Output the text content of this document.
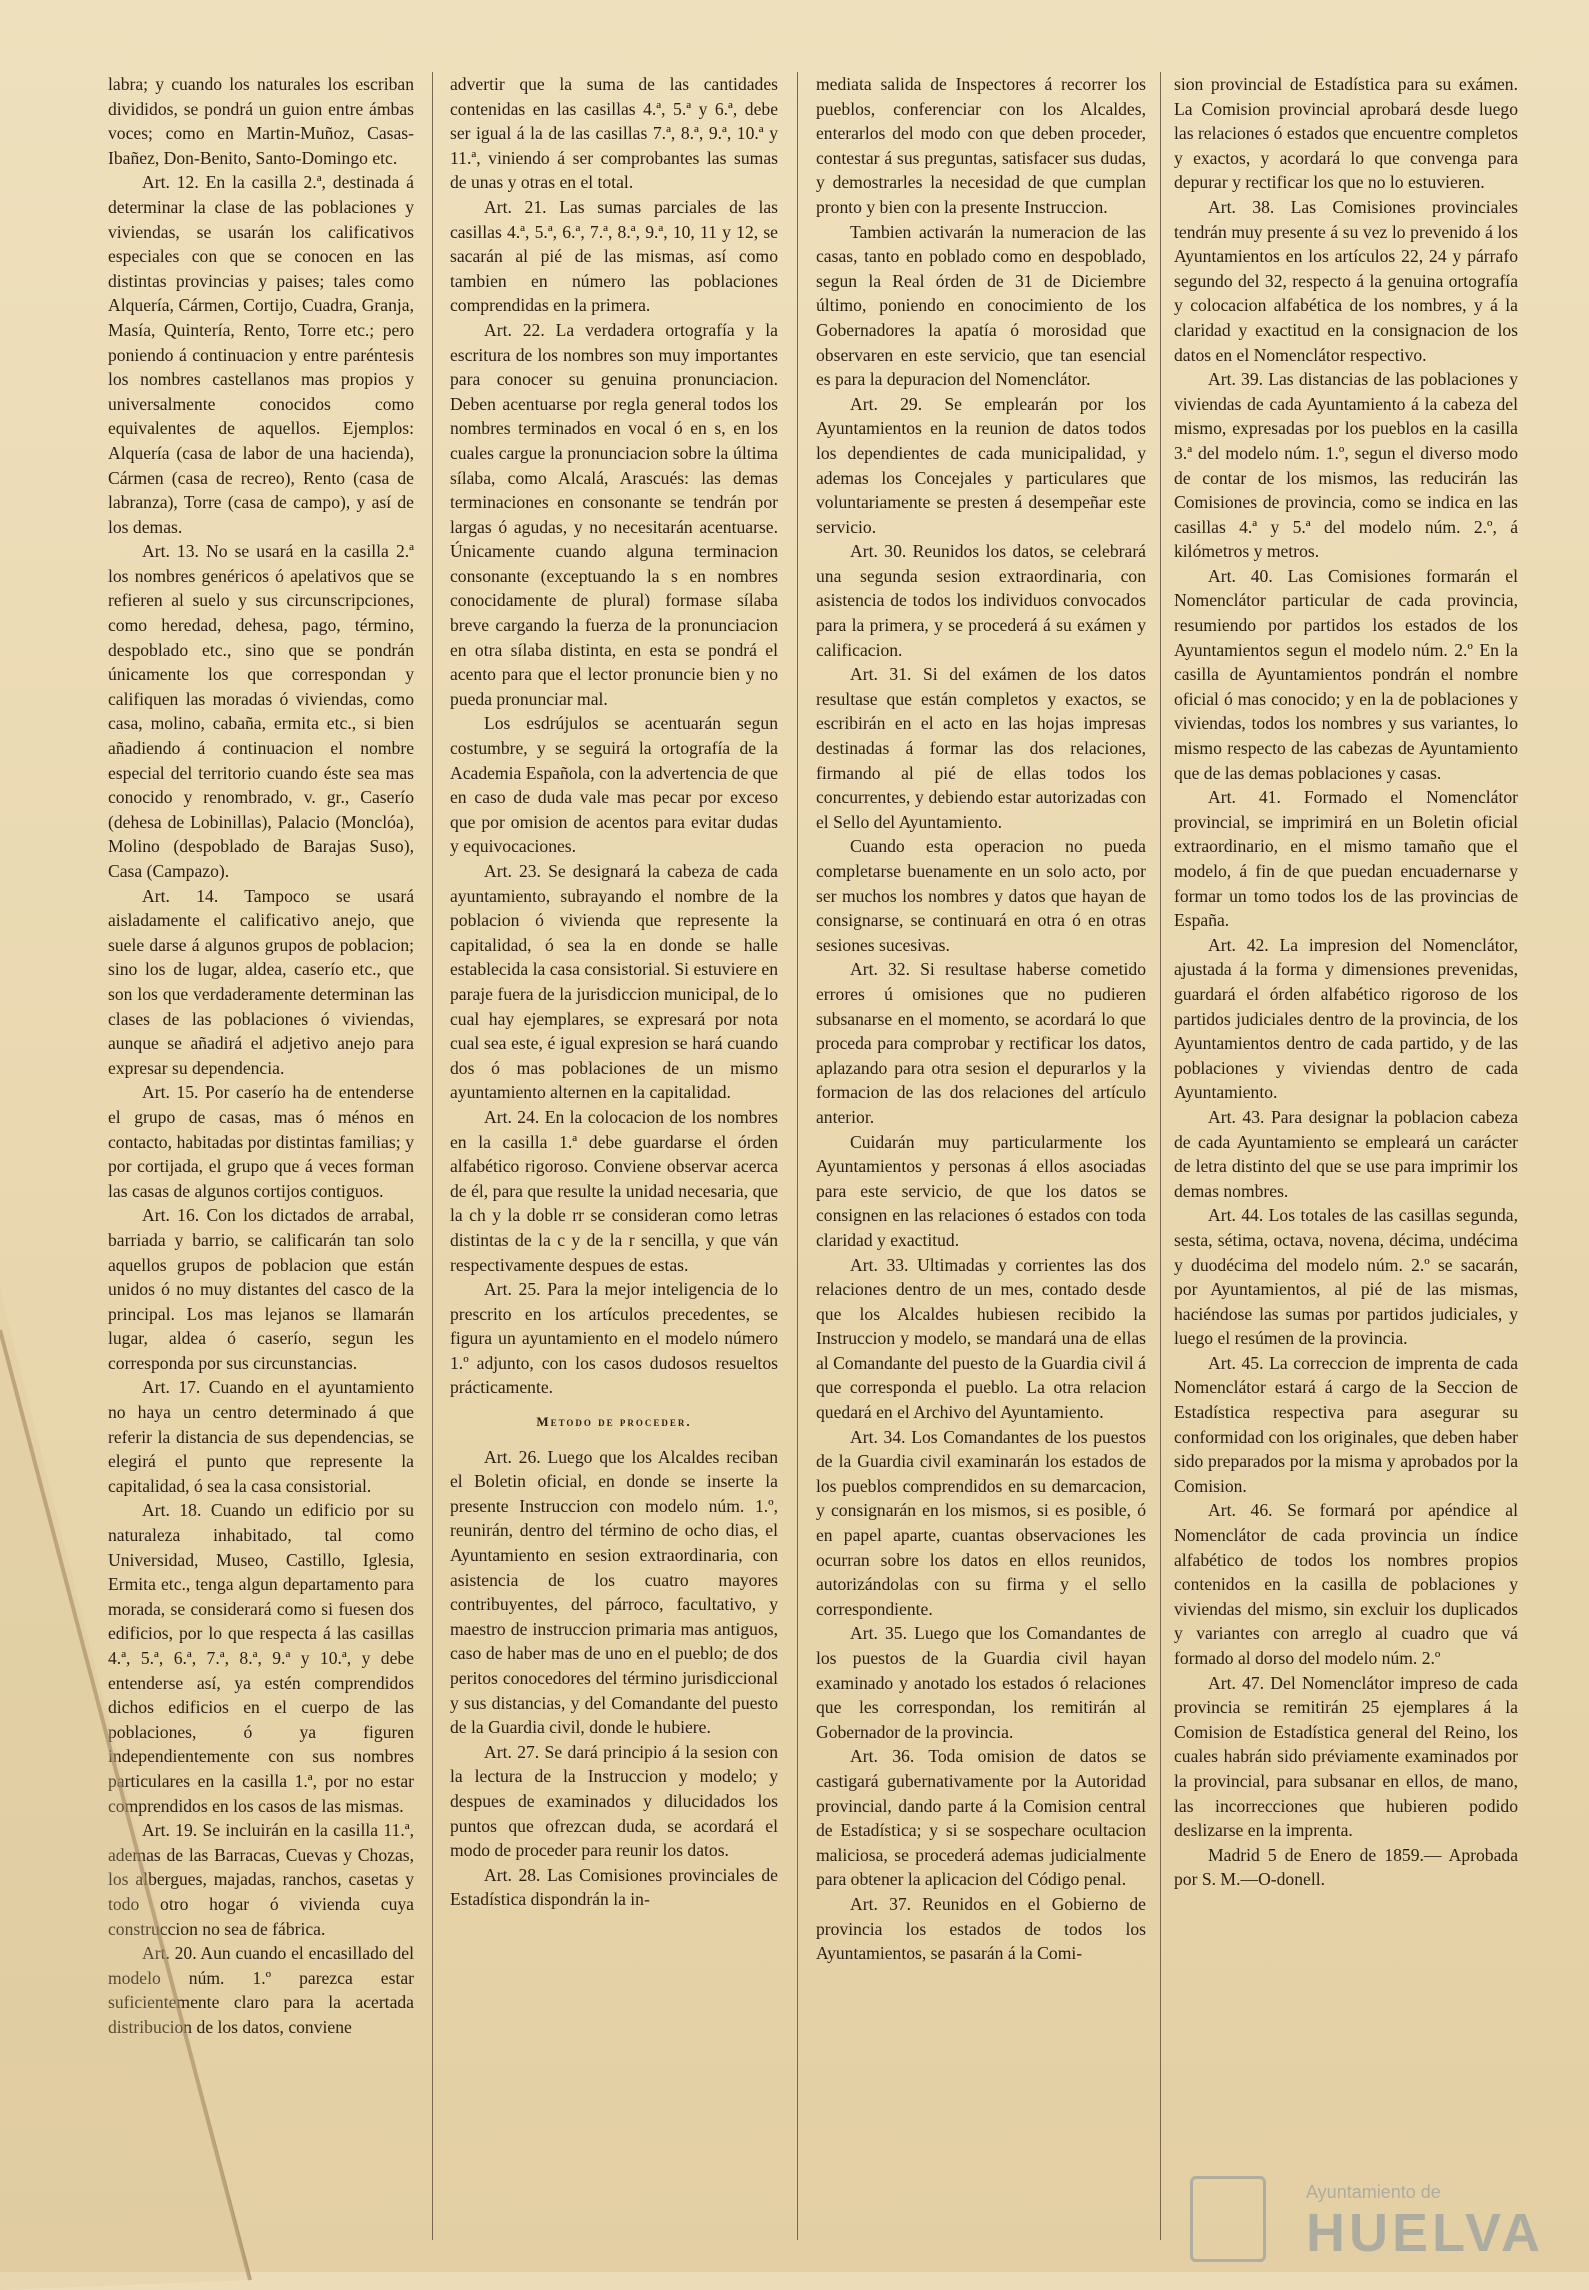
labra; y cuando los naturales los escriban divididos, se pondrá un guion entre ámbas voces; como en Martin-Muñoz, Casas-Ibañez, Don-Benito, Santo-Domingo etc.

Art. 12. En la casilla 2.ª, destinada á determinar la clase de las poblaciones y viviendas, se usarán los calificativos especiales con que se conocen en las distintas provincias y paises; tales como Alquería, Cármen, Cortijo, Cuadra, Granja, Masía, Quintería, Rento, Torre etc.; pero poniendo á continuacion y entre paréntesis los nombres castellanos mas propios y universalmente conocidos como equivalentes de aquellos. Ejemplos: Alquería (casa de labor de una hacienda), Cármen (casa de recreo), Rento (casa de labranza), Torre (casa de campo), y así de los demas.

Art. 13. No se usará en la casilla 2.ª los nombres genéricos ó apelativos que se refieren al suelo y sus circunscripciones, como heredad, dehesa, pago, término, despoblado etc., sino que se pondrán únicamente los que correspondan y califiquen las moradas ó viviendas, como casa, molino, cabaña, ermita etc., si bien añadiendo á continuacion el nombre especial del territorio cuando éste sea mas conocido y renombrado, v. gr., Caserío (dehesa de Lobinillas), Palacio (Monclóa), Molino (despoblado de Barajas Suso), Casa (Campazo).

Art. 14. Tampoco se usará aisladamente el calificativo anejo, que suele darse á algunos grupos de poblacion; sino los de lugar, aldea, caserío etc., que son los que verdaderamente determinan las clases de las poblaciones ó viviendas, aunque se añadirá el adjetivo anejo para expresar su dependencia.

Art. 15. Por caserío ha de entenderse el grupo de casas, mas ó ménos en contacto, habitadas por distintas familias; y por cortijada, el grupo que á veces forman las casas de algunos cortijos contiguos.

Art. 16. Con los dictados de arrabal, barriada y barrio, se calificarán tan solo aquellos grupos de poblacion que están unidos ó no muy distantes del casco de la principal. Los mas lejanos se llamarán lugar, aldea ó caserío, segun les corresponda por sus circunstancias.

Art. 17. Cuando en el ayuntamiento no haya un centro determinado á que referir la distancia de sus dependencias, se elegirá el punto que represente la capitalidad, ó sea la casa consistorial.

Art. 18. Cuando un edificio por su naturaleza inhabitado, tal como Universidad, Museo, Castillo, Iglesia, Ermita etc., tenga algun departamento para morada, se considerará como si fuesen dos edificios, por lo que respecta á las casillas 4.ª, 5.ª, 6.ª, 7.ª, 8.ª, 9.ª y 10.ª, y debe entenderse así, ya estén comprendidos dichos edificios en el cuerpo de las poblaciones, ó ya figuren independientemente con sus nombres particulares en la casilla 1.ª, por no estar comprendidos en los casos de las mismas.

Art. 19. Se incluirán en la casilla 11.ª, ademas de las Barracas, Cuevas y Chozas, los albergues, majadas, ranchos, casetas y todo otro hogar ó vivienda cuya construccion no sea de fábrica.

Art. 20. Aun cuando el encasillado del modelo núm. 1.º parezca estar suficientemente claro para la acertada distribucion de los datos, conviene

advertir que la suma de las cantidades contenidas en las casillas 4.ª, 5.ª y 6.ª, debe ser igual á la de las casillas 7.ª, 8.ª, 9.ª, 10.ª y 11.ª, viniendo á ser comprobantes las sumas de unas y otras en el total.

Art. 21. Las sumas parciales de las casillas 4.ª, 5.ª, 6.ª, 7.ª, 8.ª, 9.ª, 10, 11 y 12, se sacarán al pié de las mismas, así como tambien en número las poblaciones comprendidas en la primera.

Art. 22. La verdadera ortografía y la escritura de los nombres son muy importantes para conocer su genuina pronunciacion. Deben acentuarse por regla general todos los nombres terminados en vocal ó en s, en los cuales cargue la pronunciacion sobre la última sílaba, como Alcalá, Arascués: las demas terminaciones en consonante se tendrán por largas ó agudas, y no necesitarán acentuarse. Únicamente cuando alguna terminacion consonante (exceptuando la s en nombres conocidamente de plural) formase sílaba breve cargando la fuerza de la pronunciacion en otra sílaba distinta, en esta se pondrá el acento para que el lector pronuncie bien y no pueda pronunciar mal.

Los esdrújulos se acentuarán segun costumbre, y se seguirá la ortografía de la Academia Española, con la advertencia de que en caso de duda vale mas pecar por exceso que por omision de acentos para evitar dudas y equivocaciones.

Art. 23. Se designará la cabeza de cada ayuntamiento, subrayando el nombre de la poblacion ó vivienda que represente la capitalidad, ó sea la en donde se halle establecida la casa consistorial. Si estuviere en paraje fuera de la jurisdiccion municipal, de lo cual hay ejemplares, se expresará por nota cual sea este, é igual expresion se hará cuando dos ó mas poblaciones de un mismo ayuntamiento alternen en la capitalidad.

Art. 24. En la colocacion de los nombres en la casilla 1.ª debe guardarse el órden alfabético rigoroso. Conviene observar acerca de él, para que resulte la unidad necesaria, que la ch y la doble rr se consideran como letras distintas de la c y de la r sencilla, y que ván respectivamente despues de estas.

Art. 25. Para la mejor inteligencia de lo prescrito en los artículos precedentes, se figura un ayuntamiento en el modelo número 1.º adjunto, con los casos dudosos resueltos prácticamente.

Metodo de proceder.

Art. 26. Luego que los Alcaldes reciban el Boletin oficial, en donde se inserte la presente Instruccion con modelo núm. 1.º, reunirán, dentro del término de ocho dias, el Ayuntamiento en sesion extraordinaria, con asistencia de los cuatro mayores contribuyentes, del párroco, facultativo, y maestro de instruccion primaria mas antiguos, caso de haber mas de uno en el pueblo; de dos peritos conocedores del término jurisdiccional y sus distancias, y del Comandante del puesto de la Guardia civil, donde le hubiere.

Art. 27. Se dará principio á la sesion con la lectura de la Instruccion y modelo; y despues de examinados y dilucidados los puntos que ofrezcan duda, se acordará el modo de proceder para reunir los datos.

Art. 28. Las Comisiones provinciales de Estadística dispondrán la in-

mediata salida de Inspectores á recorrer los pueblos, conferenciar con los Alcaldes, enterarlos del modo con que deben proceder, contestar á sus preguntas, satisfacer sus dudas, y demostrarles la necesidad de que cumplan pronto y bien con la presente Instruccion.

Tambien activarán la numeracion de las casas, tanto en poblado como en despoblado, segun la Real órden de 31 de Diciembre último, poniendo en conocimiento de los Gobernadores la apatía ó morosidad que observaren en este servicio, que tan esencial es para la depuracion del Nomenclátor.

Art. 29. Se emplearán por los Ayuntamientos en la reunion de datos todos los dependientes de cada municipalidad, y ademas los Concejales y particulares que voluntariamente se presten á desempeñar este servicio.

Art. 30. Reunidos los datos, se celebrará una segunda sesion extraordinaria, con asistencia de todos los individuos convocados para la primera, y se procederá á su exámen y calificacion.

Art. 31. Si del exámen de los datos resultase que están completos y exactos, se escribirán en el acto en las hojas impresas destinadas á formar las dos relaciones, firmando al pié de ellas todos los concurrentes, y debiendo estar autorizadas con el Sello del Ayuntamiento.

Cuando esta operacion no pueda completarse buenamente en un solo acto, por ser muchos los nombres y datos que hayan de consignarse, se continuará en otra ó en otras sesiones sucesivas.

Art. 32. Si resultase haberse cometido errores ú omisiones que no pudieren subsanarse en el momento, se acordará lo que proceda para comprobar y rectificar los datos, aplazando para otra sesion el depurarlos y la formacion de las dos relaciones del artículo anterior.

Cuidarán muy particularmente los Ayuntamientos y personas á ellos asociadas para este servicio, de que los datos se consignen en las relaciones ó estados con toda claridad y exactitud.

Art. 33. Ultimadas y corrientes las dos relaciones dentro de un mes, contado desde que los Alcaldes hubiesen recibido la Instruccion y modelo, se mandará una de ellas al Comandante del puesto de la Guardia civil á que corresponda el pueblo. La otra relacion quedará en el Archivo del Ayuntamiento.

Art. 34. Los Comandantes de los puestos de la Guardia civil examinarán los estados de los pueblos comprendidos en su demarcacion, y consignarán en los mismos, si es posible, ó en papel aparte, cuantas observaciones les ocurran sobre los datos en ellos reunidos, autorizándolas con su firma y el sello correspondiente.

Art. 35. Luego que los Comandantes de los puestos de la Guardia civil hayan examinado y anotado los estados ó relaciones que les correspondan, los remitirán al Gobernador de la provincia.

Art. 36. Toda omision de datos se castigará gubernativamente por la Autoridad provincial, dando parte á la Comision central de Estadística; y si se sospechare ocultacion maliciosa, se procederá ademas judicialmente para obtener la aplicacion del Código penal.

Art. 37. Reunidos en el Gobierno de provincia los estados de todos los Ayuntamientos, se pasarán á la Comi-

sion provincial de Estadística para su exámen. La Comision provincial aprobará desde luego las relaciones ó estados que encuentre completos y exactos, y acordará lo que convenga para depurar y rectificar los que no lo estuvieren.

Art. 38. Las Comisiones provinciales tendrán muy presente á su vez lo prevenido á los Ayuntamientos en los artículos 22, 24 y párrafo segundo del 32, respecto á la genuina ortografía y colocacion alfabética de los nombres, y á la claridad y exactitud en la consignacion de los datos en el Nomenclátor respectivo.

Art. 39. Las distancias de las poblaciones y viviendas de cada Ayuntamiento á la cabeza del mismo, expresadas por los pueblos en la casilla 3.ª del modelo núm. 1.º, segun el diverso modo de contar de los mismos, las reducirán las Comisiones de provincia, como se indica en las casillas 4.ª y 5.ª del modelo núm. 2.º, á kilómetros y metros.

Art. 40. Las Comisiones formarán el Nomenclátor particular de cada provincia, resumiendo por partidos los estados de los Ayuntamientos segun el modelo núm. 2.º En la casilla de Ayuntamientos pondrán el nombre oficial ó mas conocido; y en la de poblaciones y viviendas, todos los nombres y sus variantes, lo mismo respecto de las cabezas de Ayuntamiento que de las demas poblaciones y casas.

Art. 41. Formado el Nomenclátor provincial, se imprimirá en un Boletin oficial extraordinario, en el mismo tamaño que el modelo, á fin de que puedan encuadernarse y formar un tomo todos los de las provincias de España.

Art. 42. La impresion del Nomenclátor, ajustada á la forma y dimensiones prevenidas, guardará el órden alfabético rigoroso de los partidos judiciales dentro de la provincia, de los Ayuntamientos dentro de cada partido, y de las poblaciones y viviendas dentro de cada Ayuntamiento.

Art. 43. Para designar la poblacion cabeza de cada Ayuntamiento se empleará un carácter de letra distinto del que se use para imprimir los demas nombres.

Art. 44. Los totales de las casillas segunda, sesta, sétima, octava, novena, décima, undécima y duodécima del modelo núm. 2.º se sacarán, por Ayuntamientos, al pié de las mismas, haciéndose las sumas por partidos judiciales, y luego el resúmen de la provincia.

Art. 45. La correccion de imprenta de cada Nomenclátor estará á cargo de la Seccion de Estadística respectiva para asegurar su conformidad con los originales, que deben haber sido preparados por la misma y aprobados por la Comision.

Art. 46. Se formará por apéndice al Nomenclátor de cada provincia un índice alfabético de todos los nombres propios contenidos en la casilla de poblaciones y viviendas del mismo, sin excluir los duplicados y variantes con arreglo al cuadro que vá formado al dorso del modelo núm. 2.º

Art. 47. Del Nomenclátor impreso de cada provincia se remitirán 25 ejemplares á la Comision de Estadística general del Reino, los cuales habrán sido préviamente examinados por la provincial, para subsanar en ellos, de mano, las incorrecciones que hubieren podido deslizarse en la imprenta.

Madrid 5 de Enero de 1859.— Aprobada por S. M.—O-donell.

Ayuntamiento de
HUELVA
